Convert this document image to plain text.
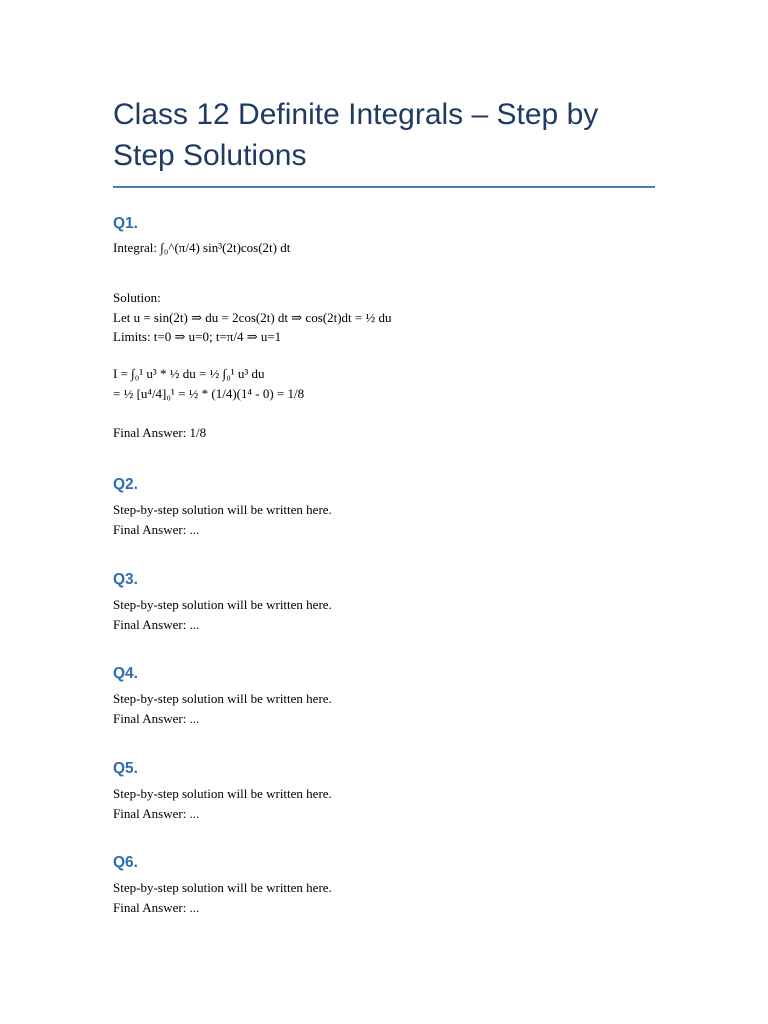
Class 12 Definite Integrals – Step by Step Solutions

Q1.

Integral: ∫₀^(π/4) sin³(2t)cos(2t) dt

Solution:

Let u = sin(2t) ⇒ du = 2cos(2t) dt ⇒ cos(2t)dt = ½ du

Limits: t=0 ⇒ u=0; t=π/4 ⇒ u=1

I = ∫₀¹ u³ * ½ du = ½ ∫₀¹ u³ du

= ½ [u⁴/4]₀¹ = ½ * (1/4)(1⁴ - 0) = 1/8

Final Answer: 1/8

Q2.

Step-by-step solution will be written here.

Final Answer: ...

Q3.

Step-by-step solution will be written here.

Final Answer: ...

Q4.

Step-by-step solution will be written here.

Final Answer: ...

Q5.

Step-by-step solution will be written here.

Final Answer: ...

Q6.

Step-by-step solution will be written here.

Final Answer: ...
